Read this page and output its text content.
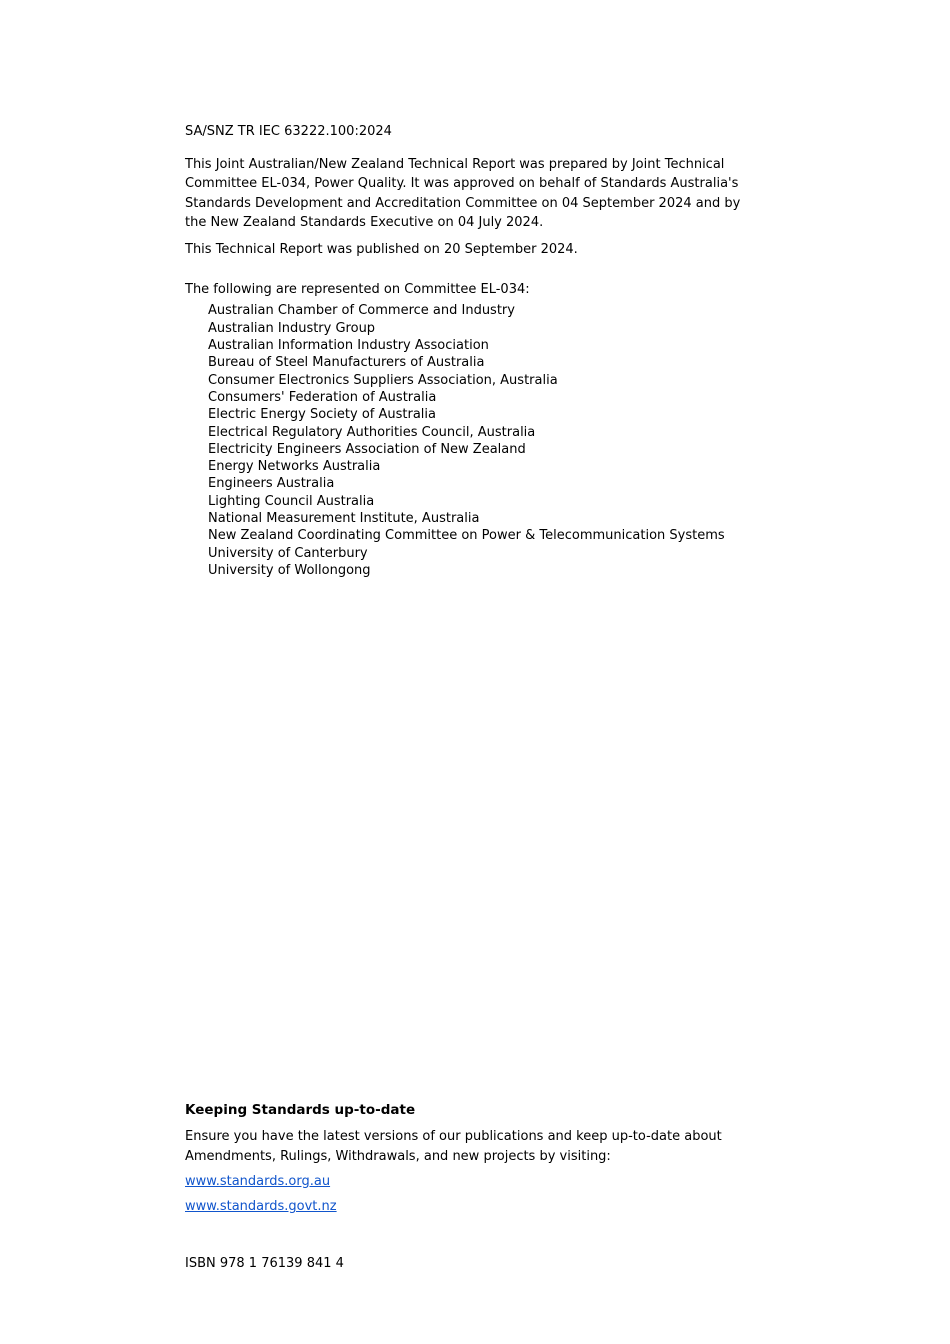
SA/SNZ TR IEC 63222.100:2024
This Joint Australian/New Zealand Technical Report was prepared by Joint Technical Committee EL-034, Power Quality. It was approved on behalf of Standards Australia's Standards Development and Accreditation Committee on 04 September 2024 and by the New Zealand Standards Executive on 04 July 2024.
This Technical Report was published on 20 September 2024.
The following are represented on Committee EL-034:
Australian Chamber of Commerce and Industry
Australian Industry Group
Australian Information Industry Association
Bureau of Steel Manufacturers of Australia
Consumer Electronics Suppliers Association, Australia
Consumers' Federation of Australia
Electric Energy Society of Australia
Electrical Regulatory Authorities Council, Australia
Electricity Engineers Association of New Zealand
Energy Networks Australia
Engineers Australia
Lighting Council Australia
National Measurement Institute, Australia
New Zealand Coordinating Committee on Power & Telecommunication Systems
University of Canterbury
University of Wollongong
Keeping Standards up-to-date
Ensure you have the latest versions of our publications and keep up-to-date about Amendments, Rulings, Withdrawals, and new projects by visiting:
www.standards.org.au
www.standards.govt.nz
ISBN 978 1 76139 841 4
